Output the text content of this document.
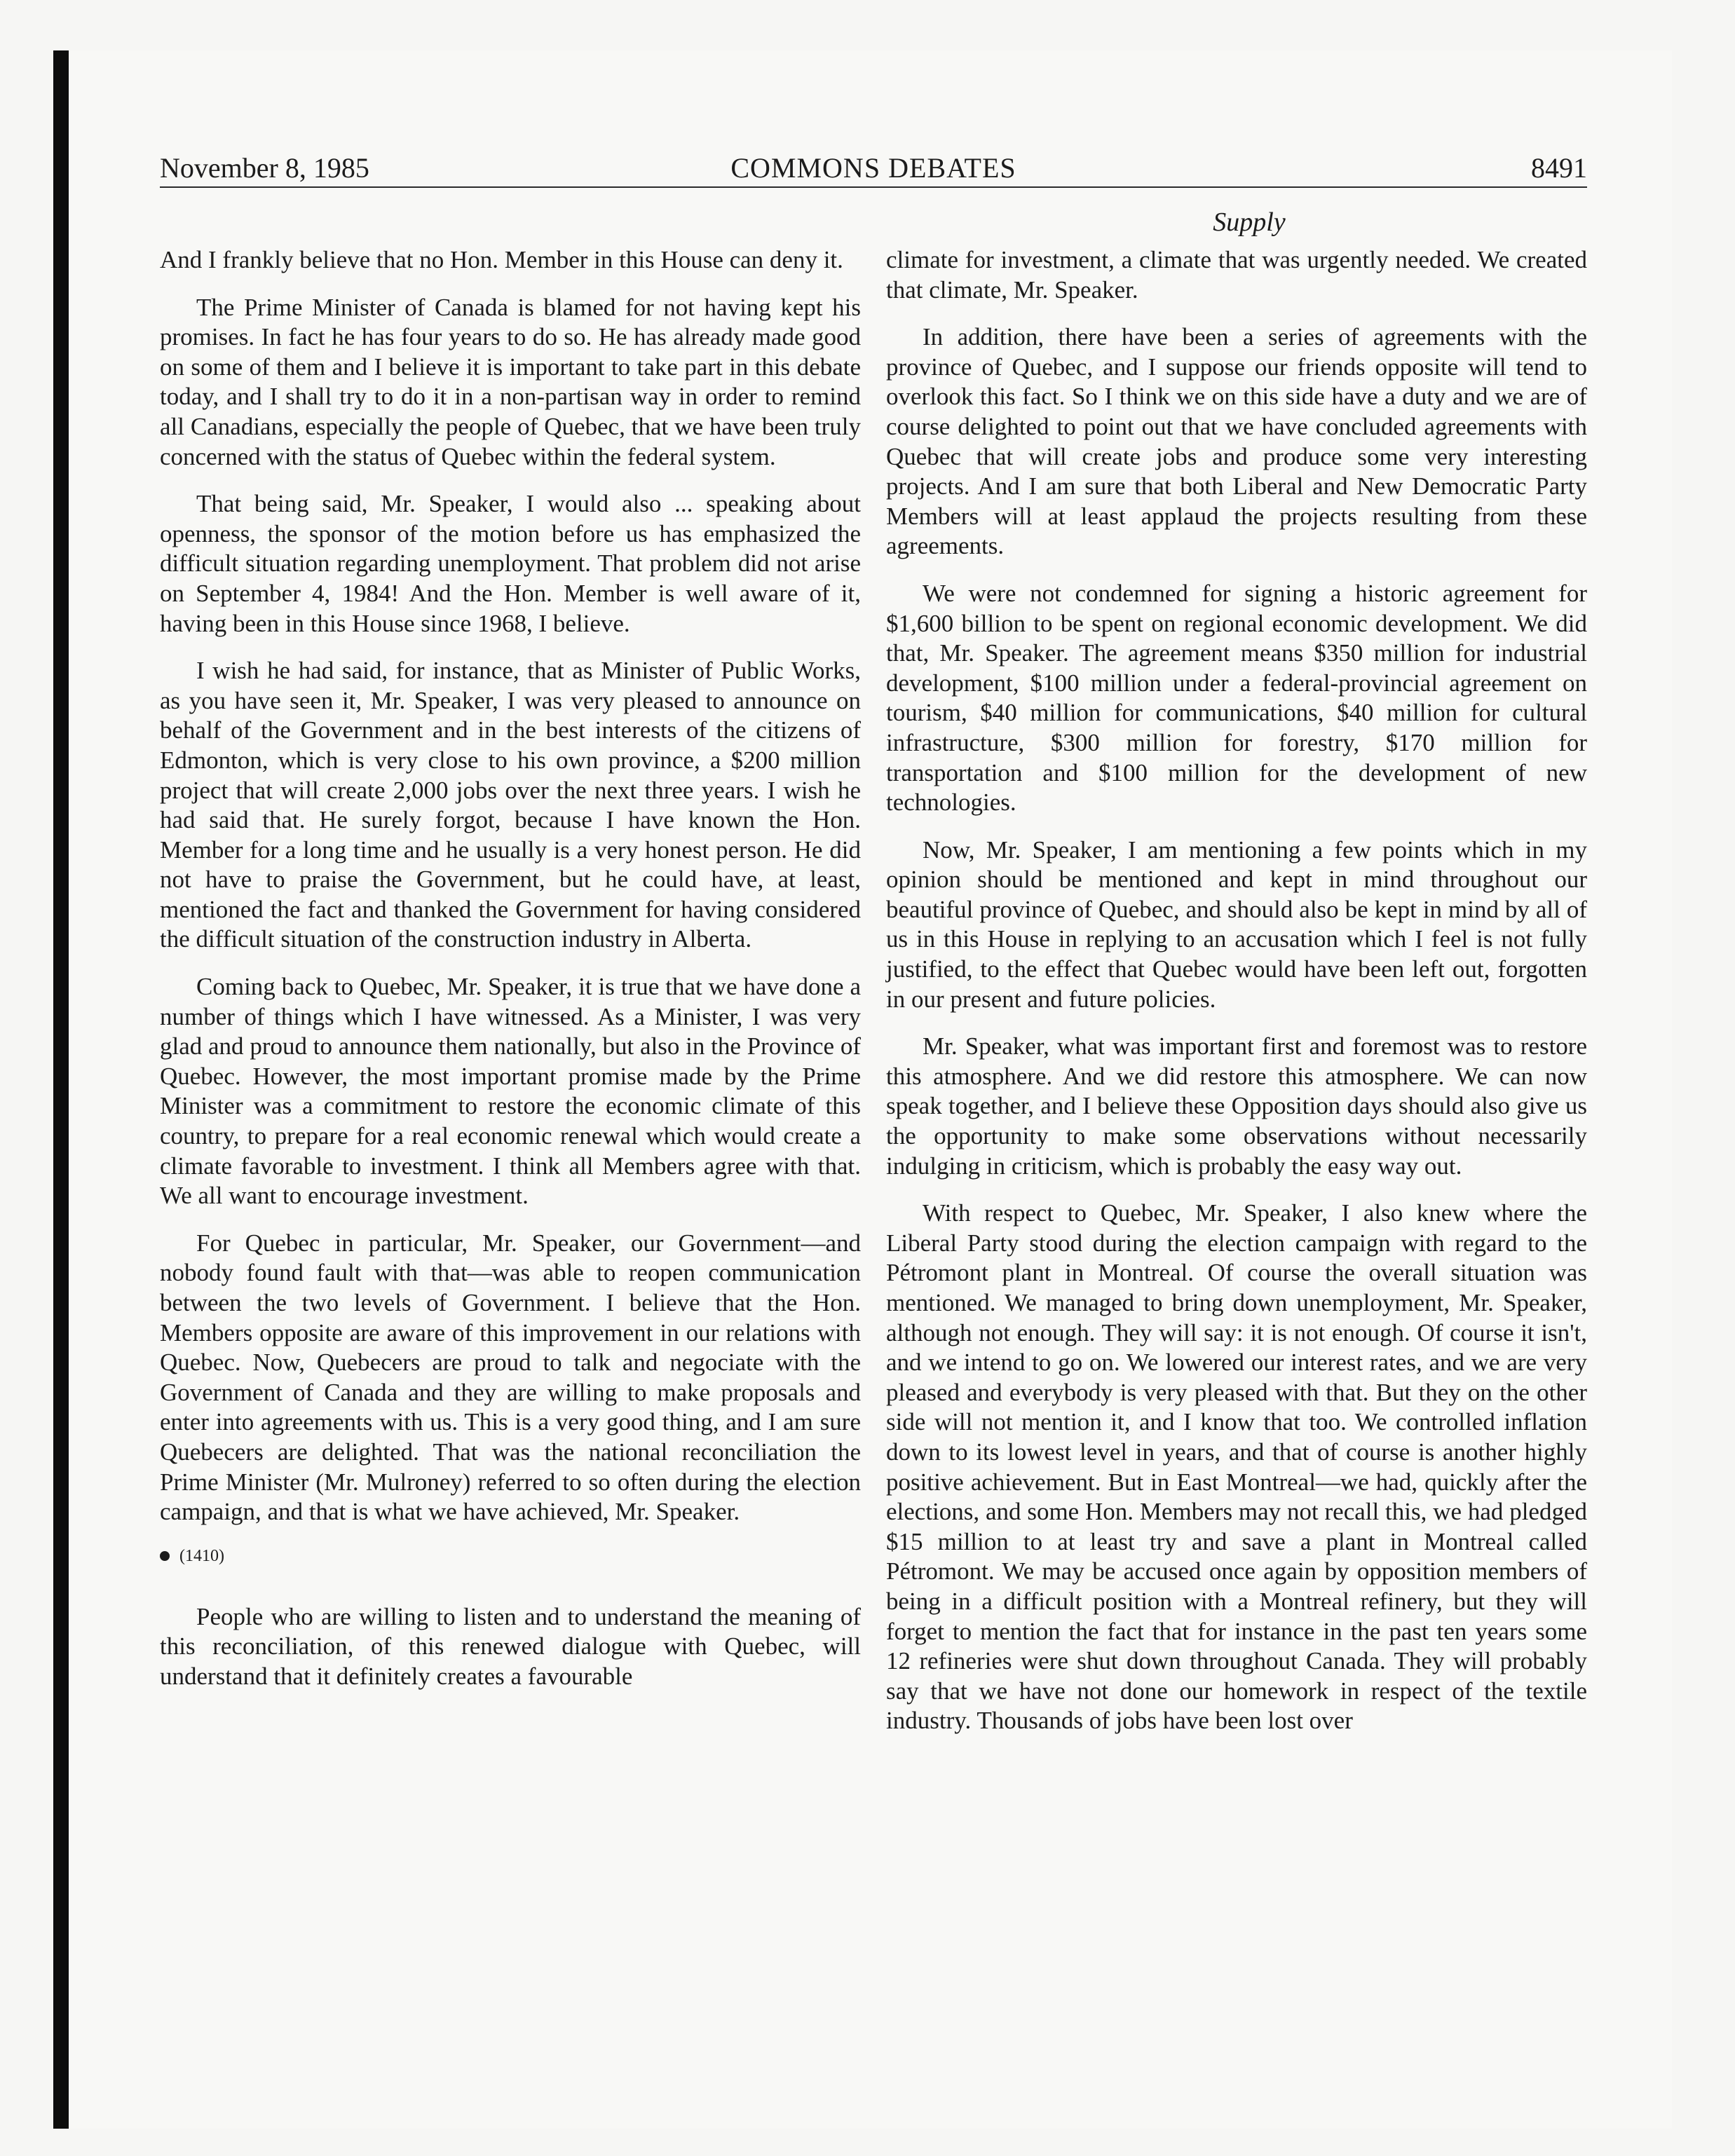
COMMONS DEBATES
November 8, 1985	8491
Supply

And I frankly believe that no Hon. Member in this House can deny it.

The Prime Minister of Canada is blamed for not having kept his promises. In fact he has four years to do so. He has already made good on some of them and I believe it is important to take part in this debate today, and I shall try to do it in a non-partisan way in order to remind all Canadians, especially the people of Quebec, that we have been truly concerned with the status of Quebec within the federal system.

That being said, Mr. Speaker, I would also ... speaking about openness, the sponsor of the motion before us has emphasized the difficult situation regarding unemployment. That problem did not arise on September 4, 1984! And the Hon. Member is well aware of it, having been in this House since 1968, I believe.

I wish he had said, for instance, that as Minister of Public Works, as you have seen it, Mr. Speaker, I was very pleased to announce on behalf of the Government and in the best interests of the citizens of Edmonton, which is very close to his own province, a $200 million project that will create 2,000 jobs over the next three years. I wish he had said that. He surely forgot, because I have known the Hon. Member for a long time and he usually is a very honest person. He did not have to praise the Government, but he could have, at least, mentioned the fact and thanked the Government for having considered the difficult situation of the construction industry in Alberta.

Coming back to Quebec, Mr. Speaker, it is true that we have done a number of things which I have witnessed. As a Minister, I was very glad and proud to announce them nationally, but also in the Province of Quebec. However, the most important promise made by the Prime Minister was a commitment to restore the economic climate of this country, to prepare for a real economic renewal which would create a climate favorable to investment. I think all Members agree with that. We all want to encourage investment.

For Quebec in particular, Mr. Speaker, our Government—and nobody found fault with that—was able to reopen communication between the two levels of Government. I believe that the Hon. Members opposite are aware of this improvement in our relations with Quebec. Now, Quebecers are proud to talk and negociate with the Government of Canada and they are willing to make proposals and enter into agreements with us. This is a very good thing, and I am sure Quebecers are delighted. That was the national reconciliation the Prime Minister (Mr. Mulroney) referred to so often during the election campaign, and that is what we have achieved, Mr. Speaker.

(1410)

People who are willing to listen and to understand the meaning of this reconciliation, of this renewed dialogue with Quebec, will understand that it definitely creates a favourable

climate for investment, a climate that was urgently needed. We created that climate, Mr. Speaker.

In addition, there have been a series of agreements with the province of Quebec, and I suppose our friends opposite will tend to overlook this fact. So I think we on this side have a duty and we are of course delighted to point out that we have concluded agreements with Quebec that will create jobs and produce some very interesting projects. And I am sure that both Liberal and New Democratic Party Members will at least applaud the projects resulting from these agreements.

We were not condemned for signing a historic agreement for $1,600 billion to be spent on regional economic development. We did that, Mr. Speaker. The agreement means $350 million for industrial development, $100 million under a federal-provincial agreement on tourism, $40 million for communications, $40 million for cultural infrastructure, $300 million for forestry, $170 million for transportation and $100 million for the development of new technologies.

Now, Mr. Speaker, I am mentioning a few points which in my opinion should be mentioned and kept in mind throughout our beautiful province of Quebec, and should also be kept in mind by all of us in this House in replying to an accusation which I feel is not fully justified, to the effect that Quebec would have been left out, forgotten in our present and future policies.

Mr. Speaker, what was important first and foremost was to restore this atmosphere. And we did restore this atmosphere. We can now speak together, and I believe these Opposition days should also give us the opportunity to make some observations without necessarily indulging in criticism, which is probably the easy way out.

With respect to Quebec, Mr. Speaker, I also knew where the Liberal Party stood during the election campaign with regard to the Pétromont plant in Montreal. Of course the overall situation was mentioned. We managed to bring down unemployment, Mr. Speaker, although not enough. They will say: it is not enough. Of course it isn't, and we intend to go on. We lowered our interest rates, and we are very pleased and everybody is very pleased with that. But they on the other side will not mention it, and I know that too. We controlled inflation down to its lowest level in years, and that of course is another highly positive achievement. But in East Montreal—we had, quickly after the elections, and some Hon. Members may not recall this, we had pledged $15 million to at least try and save a plant in Montreal called Pétromont. We may be accused once again by opposition members of being in a difficult position with a Montreal refinery, but they will forget to mention the fact that for instance in the past ten years some 12 refineries were shut down throughout Canada. They will probably say that we have not done our homework in respect of the textile industry. Thousands of jobs have been lost over
